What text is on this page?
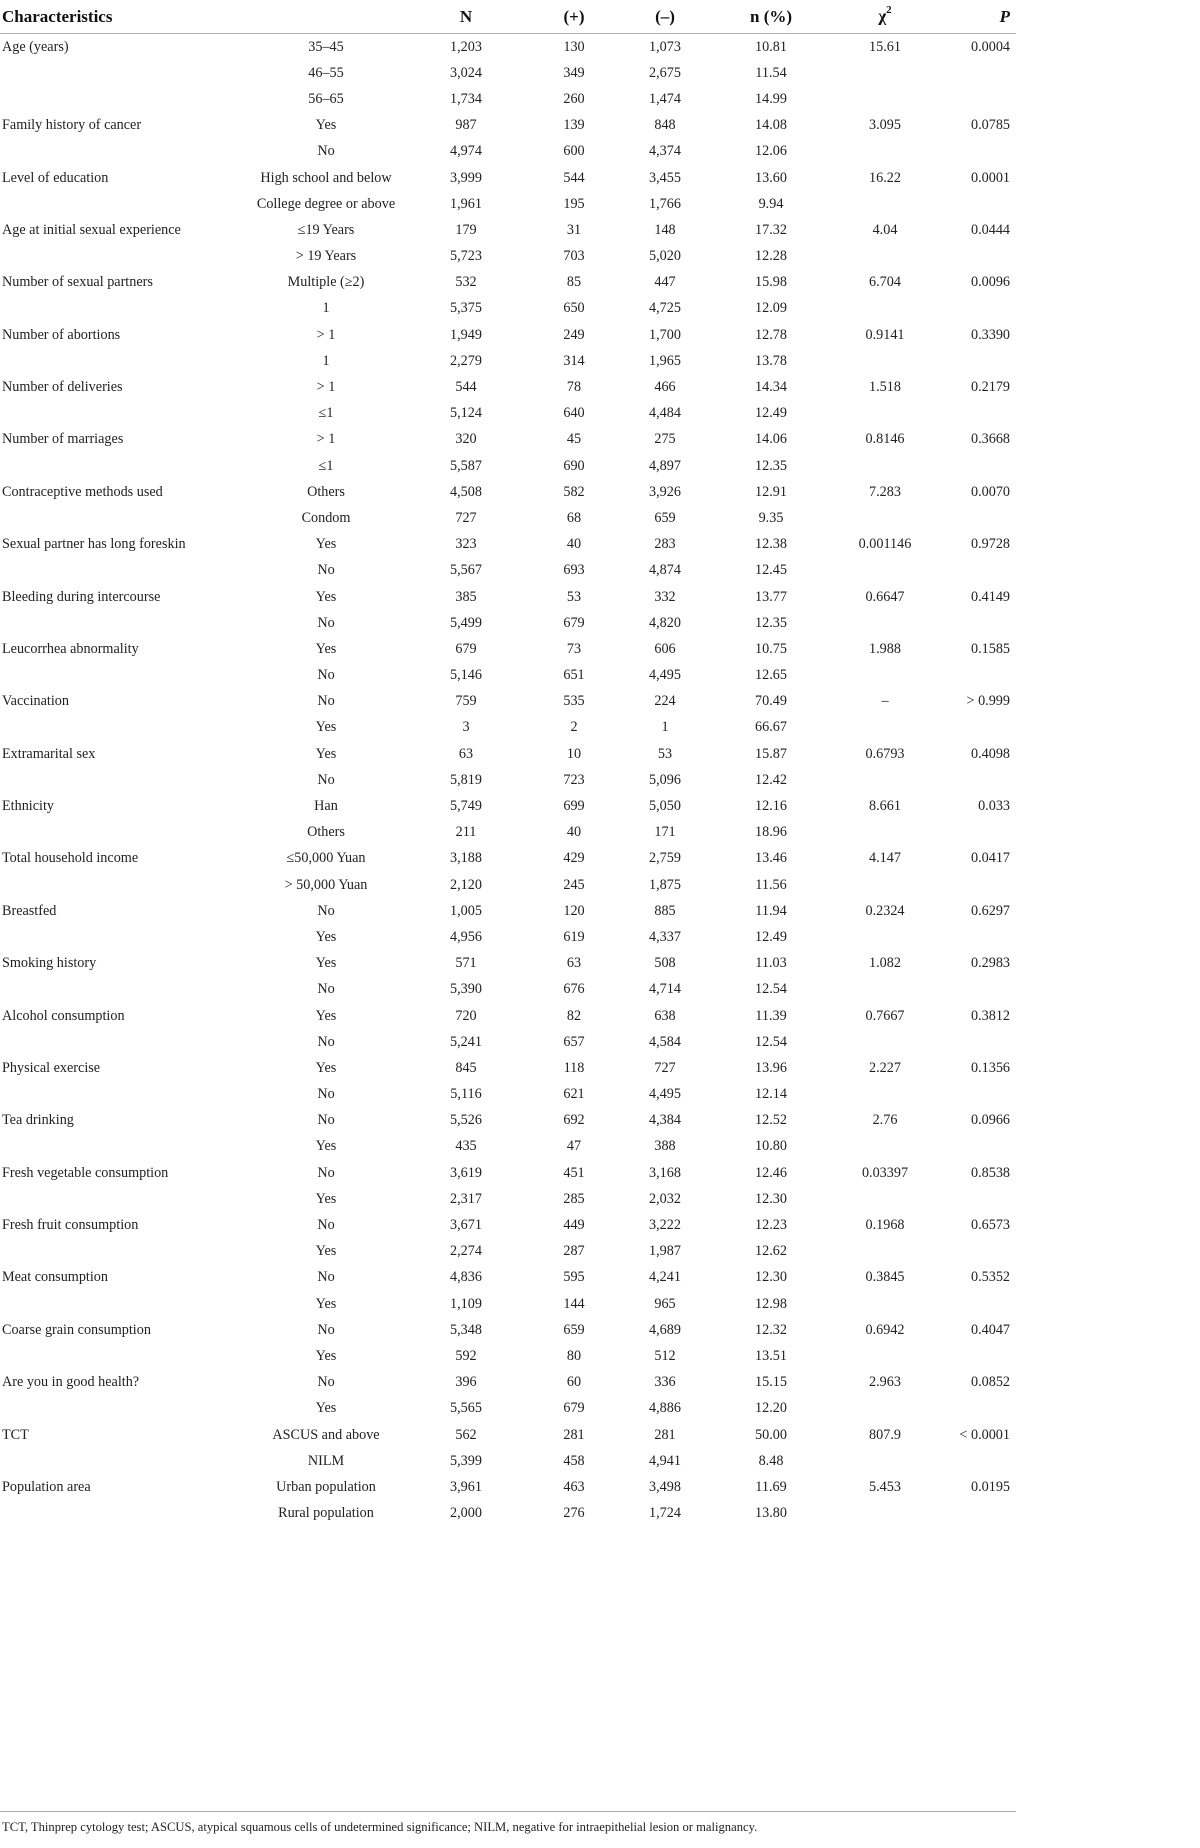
Characteristics		N	(+)	(–)	n (%)	$\chi^2$	P
Age (years)	35–45	1,203	130	1,073	10.81	15.61	0.0004
	46–55	3,024	349	2,675	11.54		
	56–65	1,734	260	1,474	14.99		
Family history of cancer	Yes	987	139	848	14.08	3.095	0.0785
	No	4,974	600	4,374	12.06		
Level of education	High school and below	3,999	544	3,455	13.60	16.22	0.0001
	College degree or above	1,961	195	1,766	9.94		
Age at initial sexual experience	≤19 Years	179	31	148	17.32	4.04	0.0444
	> 19 Years	5,723	703	5,020	12.28		
Number of sexual partners	Multiple (≥2)	532	85	447	15.98	6.704	0.0096
	1	5,375	650	4,725	12.09		
Number of abortions	> 1	1,949	249	1,700	12.78	0.9141	0.3390
	1	2,279	314	1,965	13.78		
Number of deliveries	> 1	544	78	466	14.34	1.518	0.2179
	≤1	5,124	640	4,484	12.49		
Number of marriages	> 1	320	45	275	14.06	0.8146	0.3668
	≤1	5,587	690	4,897	12.35		
Contraceptive methods used	Others	4,508	582	3,926	12.91	7.283	0.0070
	Condom	727	68	659	9.35		
Sexual partner has long foreskin	Yes	323	40	283	12.38	0.001146	0.9728
	No	5,567	693	4,874	12.45		
Bleeding during intercourse	Yes	385	53	332	13.77	0.6647	0.4149
	No	5,499	679	4,820	12.35		
Leucorrhea abnormality	Yes	679	73	606	10.75	1.988	0.1585
	No	5,146	651	4,495	12.65		
Vaccination	No	759	535	224	70.49	–	> 0.999
	Yes	3	2	1	66.67		
Extramarital sex	Yes	63	10	53	15.87	0.6793	0.4098
	No	5,819	723	5,096	12.42		
Ethnicity	Han	5,749	699	5,050	12.16	8.661	0.033
	Others	211	40	171	18.96		
Total household income	≤50,000 Yuan	3,188	429	2,759	13.46	4.147	0.0417
	> 50,000 Yuan	2,120	245	1,875	11.56		
Breastfed	No	1,005	120	885	11.94	0.2324	0.6297
	Yes	4,956	619	4,337	12.49		
Smoking history	Yes	571	63	508	11.03	1.082	0.2983
	No	5,390	676	4,714	12.54		
Alcohol consumption	Yes	720	82	638	11.39	0.7667	0.3812
	No	5,241	657	4,584	12.54		
Physical exercise	Yes	845	118	727	13.96	2.227	0.1356
	No	5,116	621	4,495	12.14		
Tea drinking	No	5,526	692	4,384	12.52	2.76	0.0966
	Yes	435	47	388	10.80		
Fresh vegetable consumption	No	3,619	451	3,168	12.46	0.03397	0.8538
	Yes	2,317	285	2,032	12.30		
Fresh fruit consumption	No	3,671	449	3,222	12.23	0.1968	0.6573
	Yes	2,274	287	1,987	12.62		
Meat consumption	No	4,836	595	4,241	12.30	0.3845	0.5352
	Yes	1,109	144	965	12.98		
Coarse grain consumption	No	5,348	659	4,689	12.32	0.6942	0.4047
	Yes	592	80	512	13.51		
Are you in good health?	No	396	60	336	15.15	2.963	0.0852
	Yes	5,565	679	4,886	12.20		
TCT	ASCUS and above	562	281	281	50.00	807.9	< 0.0001
	NILM	5,399	458	4,941	8.48		
Population area	Urban population	3,961	463	3,498	11.69	5.453	0.0195
	Rural population	2,000	276	1,724	13.80		
TCT, Thinprep cytology test; ASCUS, atypical squamous cells of undetermined significance; NILM, negative for intraepithelial lesion or malignancy.
